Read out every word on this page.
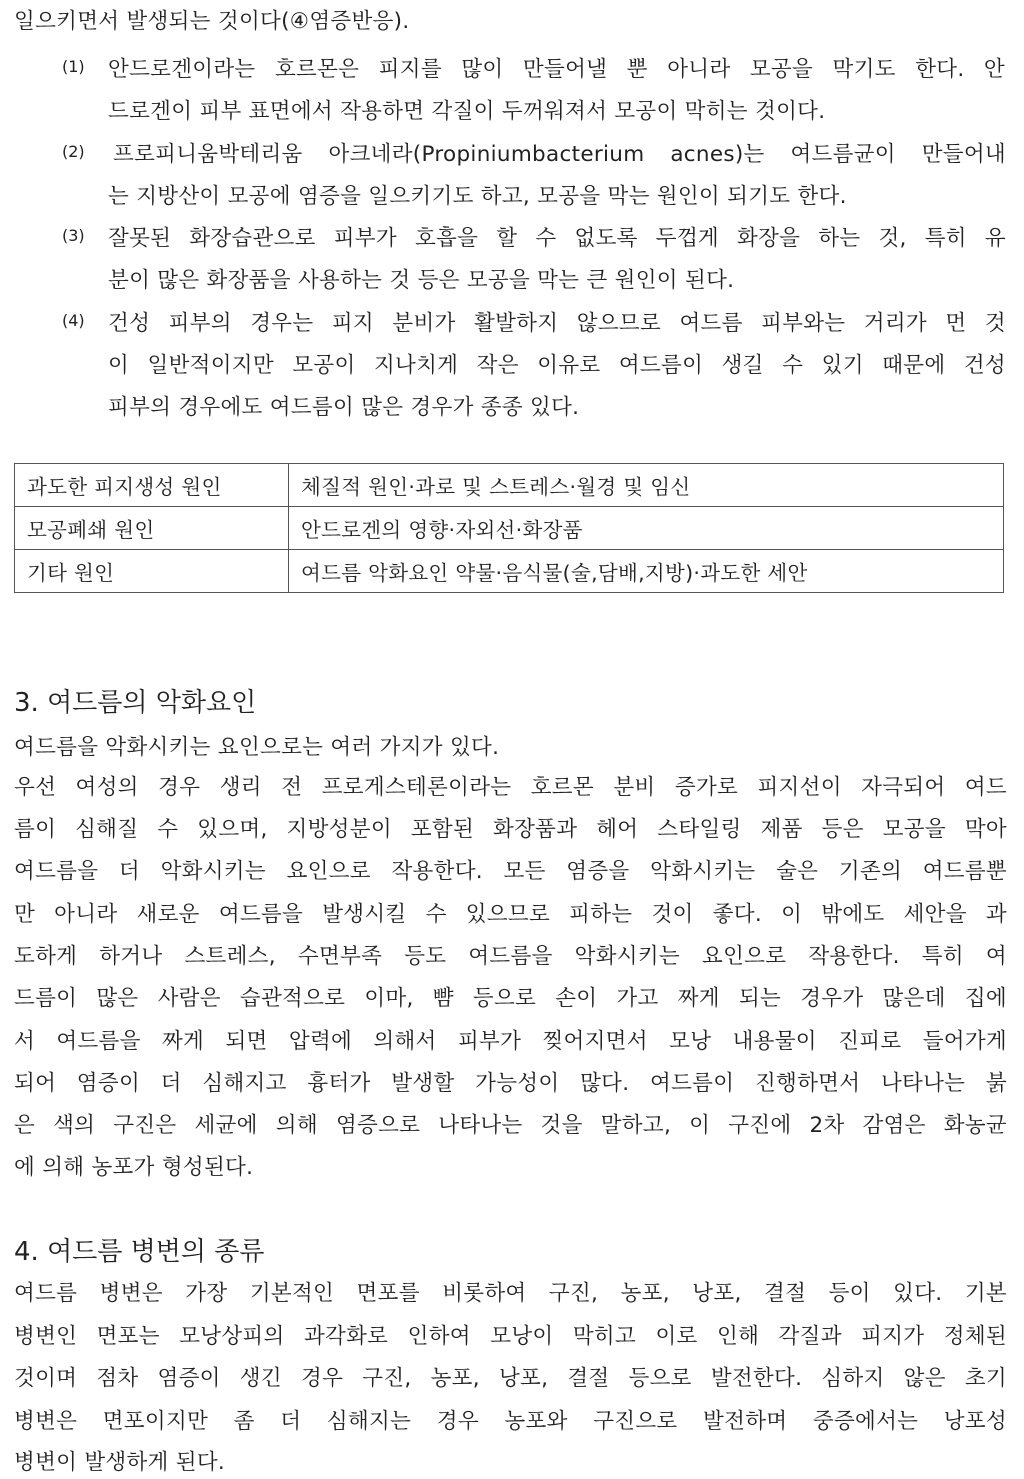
일으키면서 발생되는 것이다(④염증반응).
(1) 안드로겐이라는 호르몬은 피지를 많이 만들어낼 뿐 아니라 모공을 막기도 한다. 안
드로겐이 피부 표면에서 작용하면 각질이 두꺼워져서 모공이 막히는 것이다.
(2) 프로피니움박테리움 아크네라(Propiniumbacterium acnes)는 여드름균이 만들어내
는 지방산이 모공에 염증을 일으키기도 하고, 모공을 막는 원인이 되기도 한다.
(3) 잘못된 화장습관으로 피부가 호흡을 할 수 없도록 두껍게 화장을 하는 것, 특히 유
분이 많은 화장품을 사용하는 것 등은 모공을 막는 큰 원인이 된다.
(4) 건성 피부의 경우는 피지 분비가 활발하지 않으므로 여드름 피부와는 거리가 먼 것
이 일반적이지만 모공이 지나치게 작은 이유로 여드름이 생길 수 있기 때문에 건성
피부의 경우에도 여드름이 많은 경우가 종종 있다.
과도한 피지생성 원인	체질적 원인·과로 및 스트레스·월경 및 임신
모공폐쇄 원인	안드로겐의 영향·자외선·화장품
기타 원인	여드름 악화요인 약물·음식물(술,담배,지방)·과도한 세안
3. 여드름의 악화요인
여드름을 악화시키는 요인으로는 여러 가지가 있다.
우선 여성의 경우 생리 전 프로게스테론이라는 호르몬 분비 증가로 피지선이 자극되어 여드
름이 심해질 수 있으며, 지방성분이 포함된 화장품과 헤어 스타일링 제품 등은 모공을 막아
여드름을 더 악화시키는 요인으로 작용한다. 모든 염증을 악화시키는 술은 기존의 여드름뿐
만 아니라 새로운 여드름을 발생시킬 수 있으므로 피하는 것이 좋다. 이 밖에도 세안을 과
도하게 하거나 스트레스, 수면부족 등도 여드름을 악화시키는 요인으로 작용한다. 특히 여
드름이 많은 사람은 습관적으로 이마, 뺨 등으로 손이 가고 짜게 되는 경우가 많은데 집에
서 여드름을 짜게 되면 압력에 의해서 피부가 찢어지면서 모낭 내용물이 진피로 들어가게
되어 염증이 더 심해지고 흉터가 발생할 가능성이 많다. 여드름이 진행하면서 나타나는 붉
은 색의 구진은 세균에 의해 염증으로 나타나는 것을 말하고, 이 구진에 2차 감염은 화농균
에 의해 농포가 형성된다.
4. 여드름 병변의 종류
여드름 병변은 가장 기본적인 면포를 비롯하여 구진, 농포, 낭포, 결절 등이 있다. 기본
병변인 면포는 모낭상피의 과각화로 인하여 모낭이 막히고 이로 인해 각질과 피지가 정체된
것이며 점차 염증이 생긴 경우 구진, 농포, 낭포, 결절 등으로 발전한다. 심하지 않은 초기
병변은 면포이지만 좀 더 심해지는 경우 농포와 구진으로 발전하며 중증에서는 낭포성
병변이 발생하게 된다.
